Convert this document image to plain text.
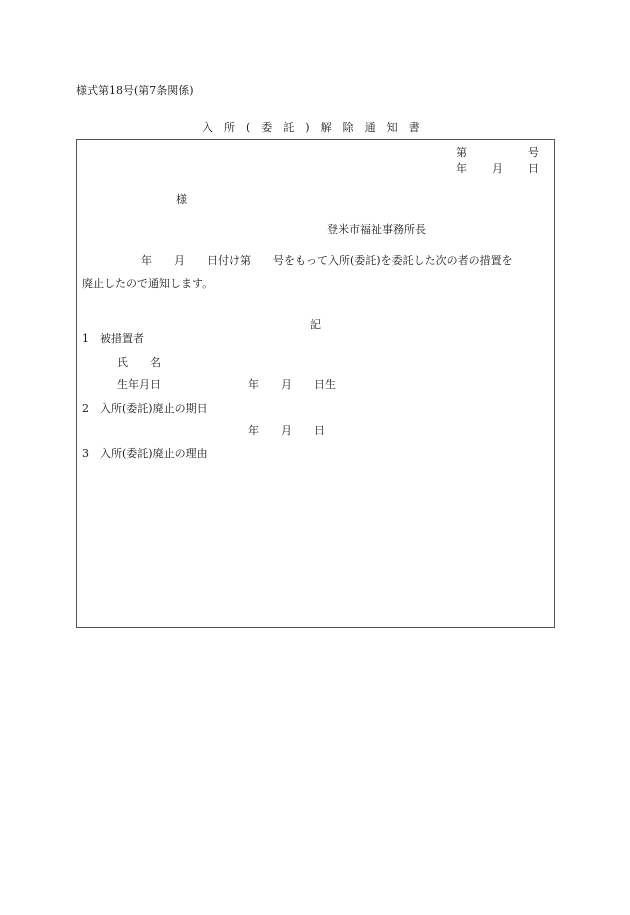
様式第18号(第7条関係)
入　所　(　委　託　)　解　除　通　知　書
第	号
年 月 日
様
登米市福祉事務所長
年　　月　　日付け第　　号をもって入所(委託)を委託した次の者の措置を
廃止したので通知します。
記
1　被措置者
氏　　名
生年月日	年　　月　　日生
2　入所(委託)廃止の期日
年　　月　　日
3　入所(委託)廃止の理由
